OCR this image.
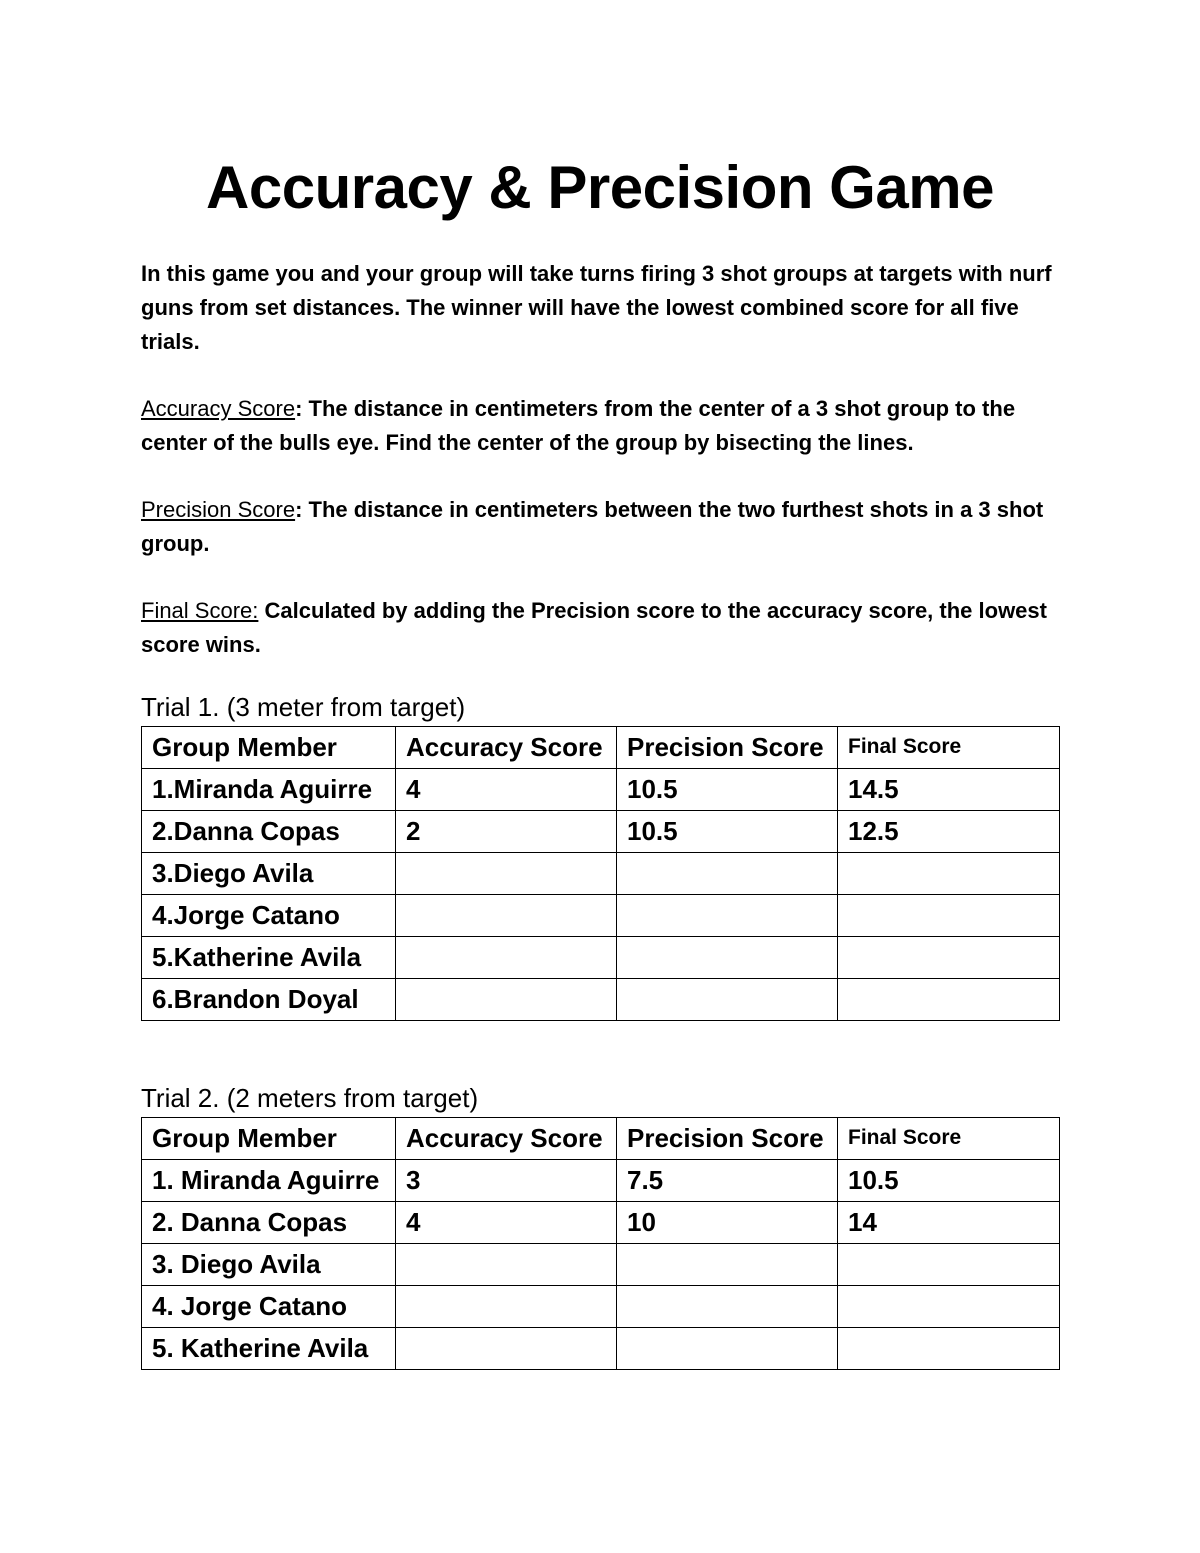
Accuracy & Precision Game
In this game you and your group will take turns firing 3 shot groups at targets with nurf guns from set distances. The winner will have the lowest combined score for all five trials.
Accuracy Score: The distance in centimeters from the center of a 3 shot group to the center of the bulls eye. Find the center of the group by bisecting the lines.
Precision Score: The distance in centimeters between the two furthest shots in a 3 shot group.
Final Score: Calculated by adding the Precision score to the accuracy score, the lowest score wins.
Trial 1. (3 meter from target)
Group Member	Accuracy Score	Precision Score	Final Score
1.Miranda Aguirre	4	10.5	14.5
2.Danna Copas	2	10.5	12.5
3.Diego Avila			
4.Jorge Catano			
5.Katherine Avila			
6.Brandon Doyal			
Trial 2. (2 meters from target)
Group Member	Accuracy Score	Precision Score	Final Score
1. Miranda Aguirre	3	7.5	10.5
2. Danna Copas	4	10	14
3. Diego Avila			
4. Jorge Catano			
5. Katherine Avila			
